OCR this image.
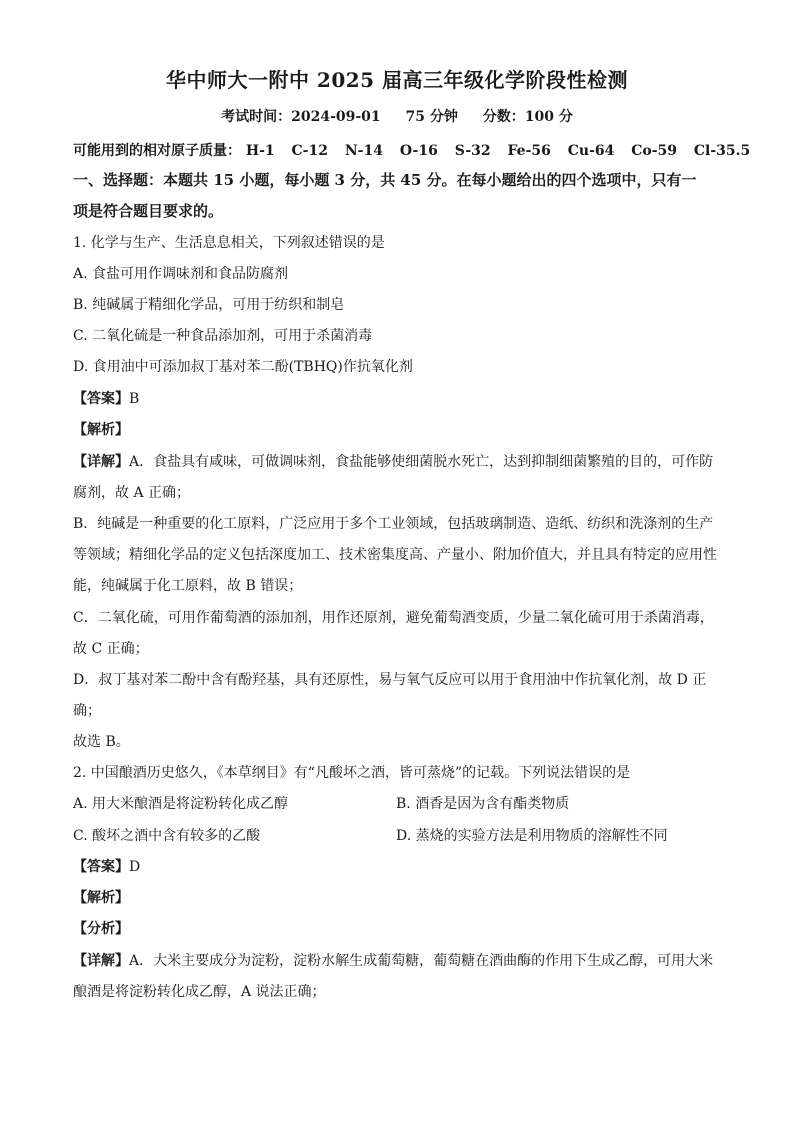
华中师大一附中 2025 届高三年级化学阶段性检测
考试时间：2024-09-01 75 分钟 分数：100 分
可能用到的相对原子质量： H-1 C-12 N-14 O-16 S-32 Fe-56 Cu-64 Co-59 Cl-35.5
一、选择题：本题共 15 小题，每小题 3 分，共 45 分。在每小题给出的四个选项中，只有一
项是符合题目要求的。
1. 化学与生产、生活息息相关，下列叙述错误的是
A. 食盐可用作调味剂和食品防腐剂
B. 纯碱属于精细化学品，可用于纺织和制皂
C. 二氧化硫是一种食品添加剂，可用于杀菌消毒
D. 食用油中可添加叔丁基对苯二酚(TBHQ)作抗氧化剂
【答案】B
【解析】
【详解】A．食盐具有咸味，可做调味剂，食盐能够使细菌脱水死亡，达到抑制细菌繁殖的目的，可作防
腐剂，故 A 正确；
B．纯碱是一种重要的化工原料，广泛应用于多个工业领域，包括玻璃制造、造纸、纺织和洗涤剂的生产
等领域；精细化学品的定义包括深度加工、技术密集度高、产量小、附加价值大，并且具有特定的应用性
能，纯碱属于化工原料，故 B 错误；
C．二氧化硫，可用作葡萄酒的添加剂，用作还原剂，避免葡萄酒变质，少量二氧化硫可用于杀菌消毒，
故 C 正确；
D．叔丁基对苯二酚中含有酚羟基，具有还原性，易与氧气反应可以用于食用油中作抗氧化剂，故 D 正
确；
故选 B。
2. 中国酿酒历史悠久，《本草纲目》有“凡酸坏之酒，皆可蒸烧”的记载。下列说法错误的是
A. 用大米酿酒是将淀粉转化成乙醇	B. 酒香是因为含有酯类物质
C. 酸坏之酒中含有较多的乙酸	D. 蒸烧的实验方法是利用物质的溶解性不同
【答案】D
【解析】
【分析】
【详解】A．大米主要成分为淀粉，淀粉水解生成葡萄糖，葡萄糖在酒曲酶的作用下生成乙醇，可用大米
酿酒是将淀粉转化成乙醇，A 说法正确；
